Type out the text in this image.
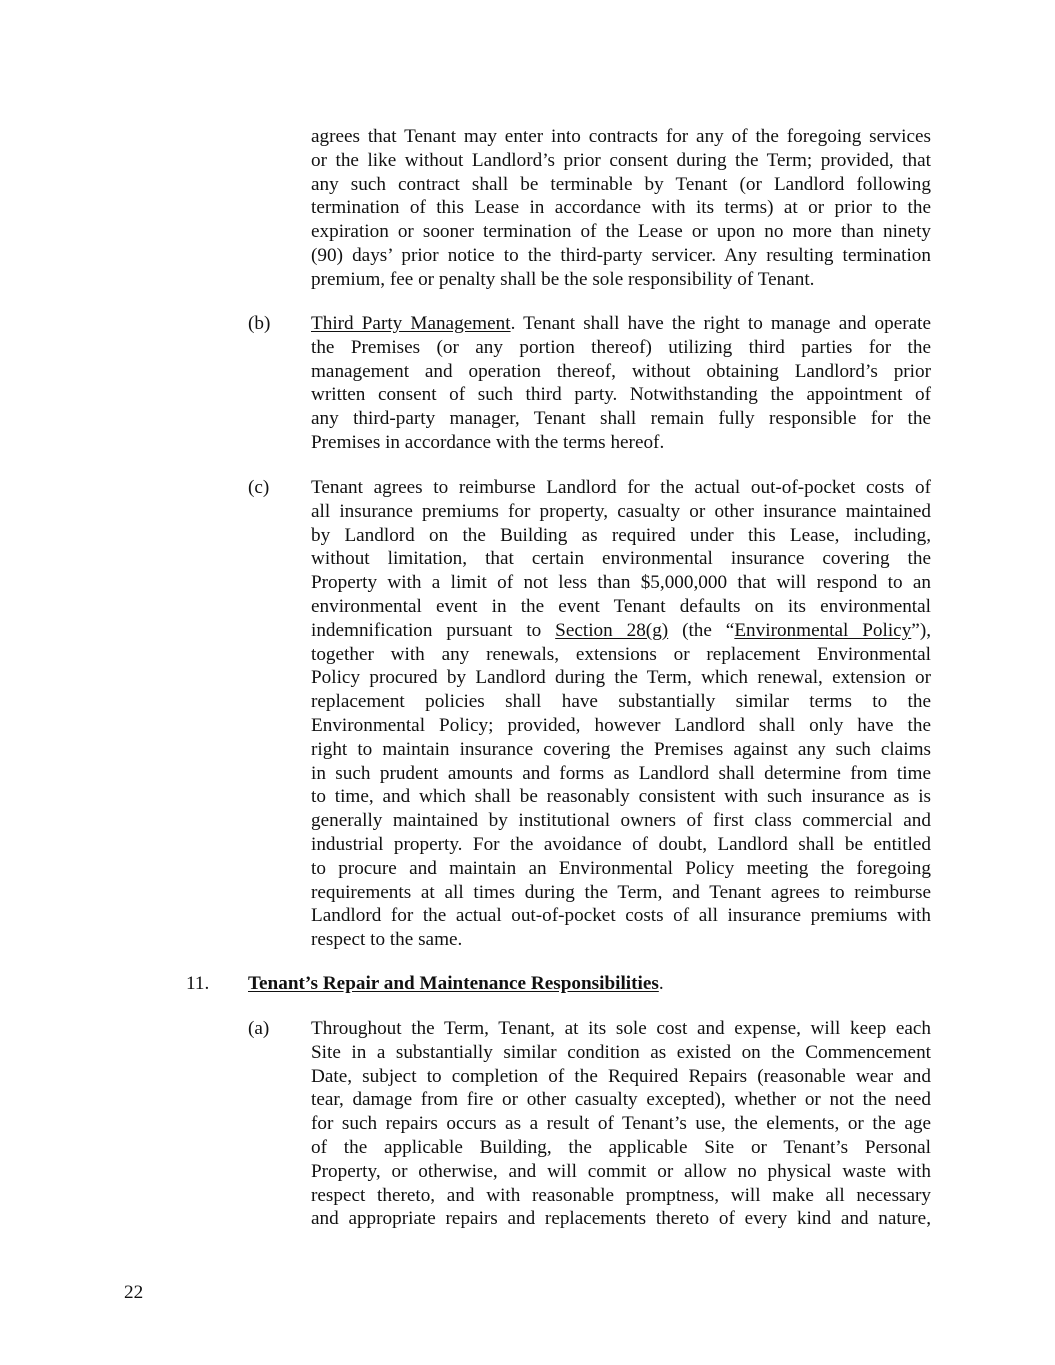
agrees that Tenant may enter into contracts for any of the foregoing services
or the like without Landlord’s prior consent during the Term; provided, that
any such contract shall be terminable by Tenant (or Landlord following
termination of this Lease in accordance with its terms) at or prior to the
expiration or sooner termination of the Lease or upon no more than ninety
(90) days’ prior notice to the third-party servicer. Any resulting termination
premium, fee or penalty shall be the sole responsibility of Tenant.
(b) Third Party Management. Tenant shall have the right to manage and operate
the Premises (or any portion thereof) utilizing third parties for the
management and operation thereof, without obtaining Landlord’s prior
written consent of such third party. Notwithstanding the appointment of
any third-party manager, Tenant shall remain fully responsible for the
Premises in accordance with the terms hereof.
(c) Tenant agrees to reimburse Landlord for the actual out-of-pocket costs of
all insurance premiums for property, casualty or other insurance maintained
by Landlord on the Building as required under this Lease, including,
without limitation, that certain environmental insurance covering the
Property with a limit of not less than $5,000,000 that will respond to an
environmental event in the event Tenant defaults on its environmental
indemnification pursuant to Section 28(g) (the “Environmental Policy”),
together with any renewals, extensions or replacement Environmental
Policy procured by Landlord during the Term, which renewal, extension or
replacement policies shall have substantially similar terms to the
Environmental Policy; provided, however Landlord shall only have the
right to maintain insurance covering the Premises against any such claims
in such prudent amounts and forms as Landlord shall determine from time
to time, and which shall be reasonably consistent with such insurance as is
generally maintained by institutional owners of first class commercial and
industrial property. For the avoidance of doubt, Landlord shall be entitled
to procure and maintain an Environmental Policy meeting the foregoing
requirements at all times during the Term, and Tenant agrees to reimburse
Landlord for the actual out-of-pocket costs of all insurance premiums with
respect to the same.
11. Tenant’s Repair and Maintenance Responsibilities.
(a) Throughout the Term, Tenant, at its sole cost and expense, will keep each
Site in a substantially similar condition as existed on the Commencement
Date, subject to completion of the Required Repairs (reasonable wear and
tear, damage from fire or other casualty excepted), whether or not the need
for such repairs occurs as a result of Tenant’s use, the elements, or the age
of the applicable Building, the applicable Site or Tenant’s Personal
Property, or otherwise, and will commit or allow no physical waste with
respect thereto, and with reasonable promptness, will make all necessary
and appropriate repairs and replacements thereto of every kind and nature,
22
